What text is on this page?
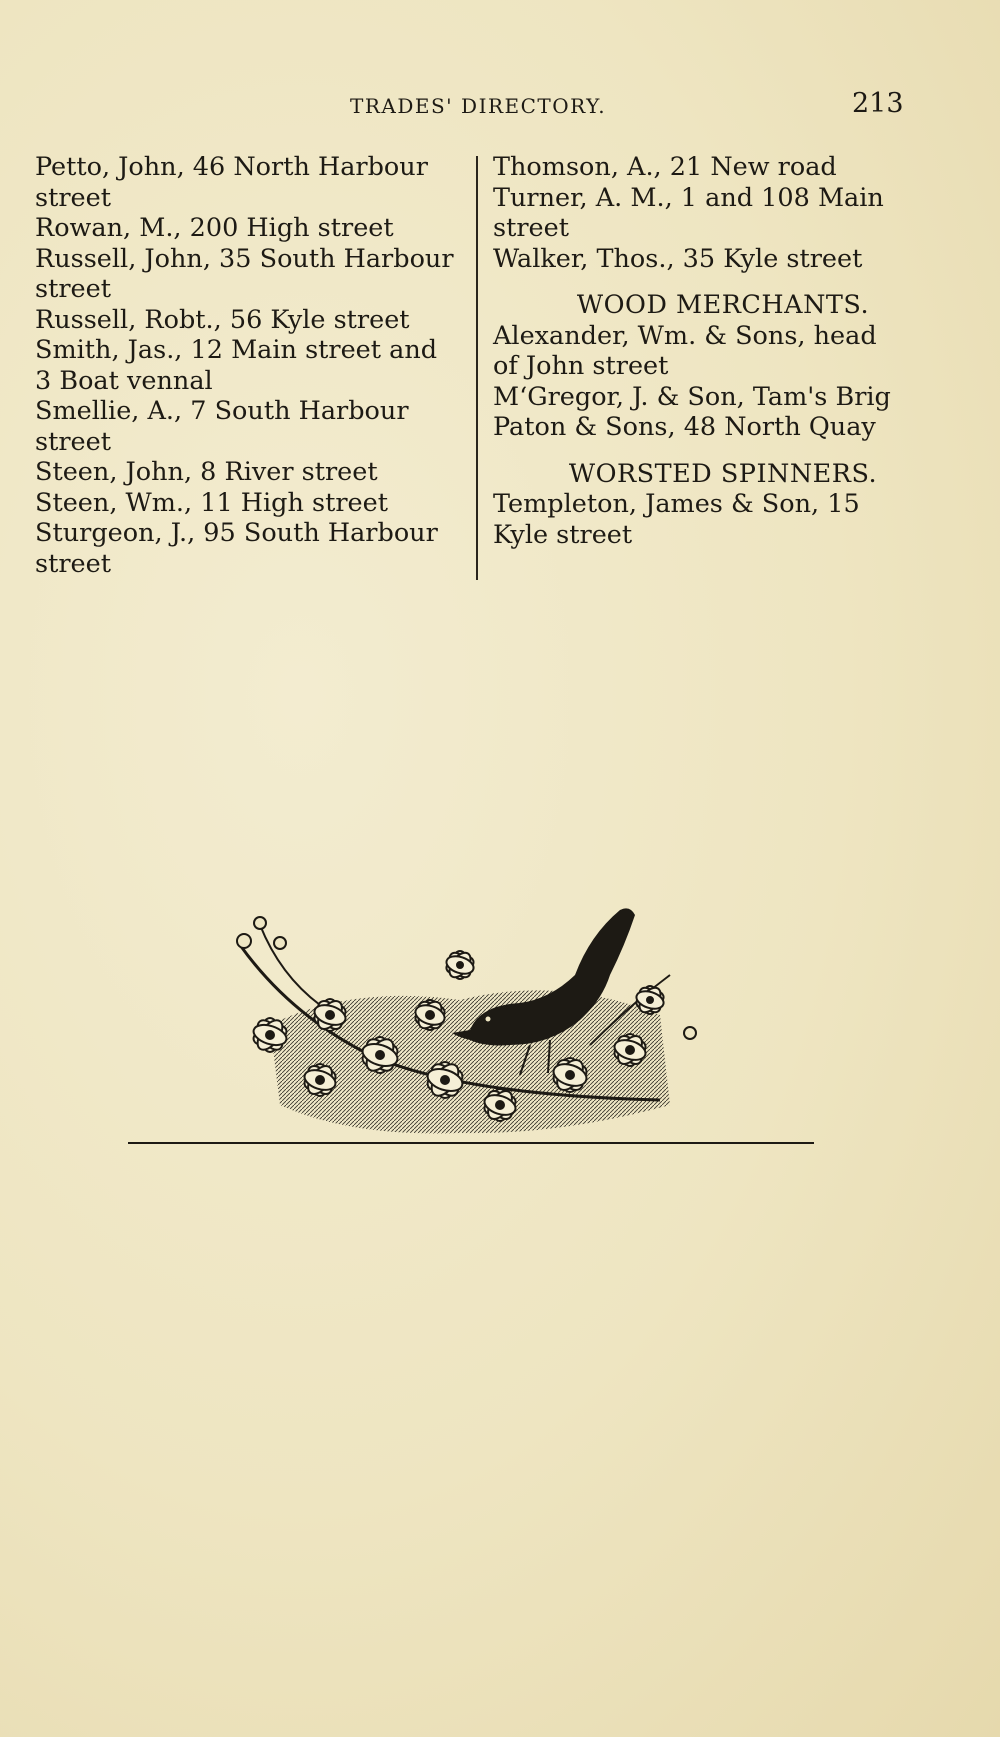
TRADES' DIRECTORY.	213
Petto, John, 46 North Harbour
street
Rowan, M., 200 High street
Russell, John, 35 South Harbour
street
Russell, Robt., 56 Kyle street
Smith, Jas., 12 Main street and
3 Boat vennal
Smellie, A., 7 South Harbour
street
Steen, John, 8 River street
Steen, Wm., 11 High street
Sturgeon, J., 95 South Harbour
street
Thomson, A., 21 New road
Turner, A. M., 1 and 108 Main
street
Walker, Thos., 35 Kyle street
WOOD MERCHANTS.
Alexander, Wm. & Sons, head
of John street
M‘Gregor, J. & Son, Tam's Brig
Paton & Sons, 48 North Quay
WORSTED SPINNERS.
Templeton, James & Son, 15
Kyle street
